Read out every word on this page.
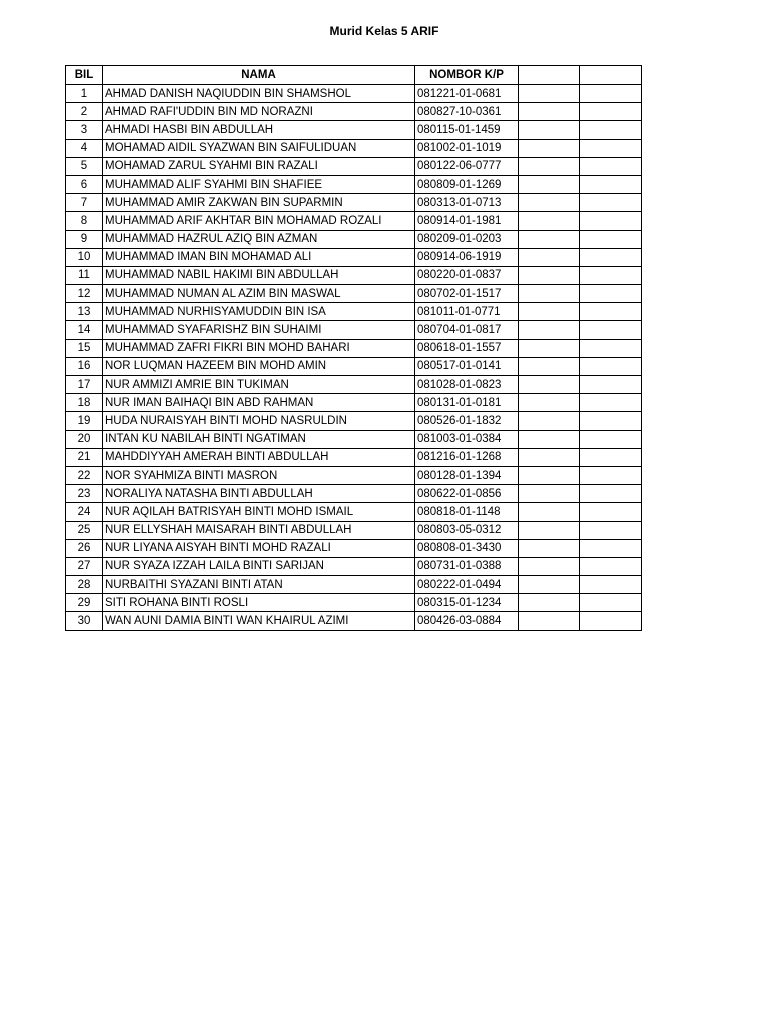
Murid Kelas 5 ARIF
BIL	NAMA	NOMBOR K/P		
1	AHMAD DANISH NAQIUDDIN BIN SHAMSHOL	081221-01-0681		
2	AHMAD RAFI'UDDIN BIN MD NORAZNI	080827-10-0361		
3	AHMADI HASBI BIN ABDULLAH	080115-01-1459		
4	MOHAMAD AIDIL SYAZWAN BIN SAIFULIDUAN	081002-01-1019		
5	MOHAMAD ZARUL SYAHMI BIN RAZALI	080122-06-0777		
6	MUHAMMAD ALIF SYAHMI BIN SHAFIEE	080809-01-1269		
7	MUHAMMAD AMIR ZAKWAN BIN SUPARMIN	080313-01-0713		
8	MUHAMMAD ARIF AKHTAR BIN MOHAMAD ROZALI	080914-01-1981		
9	MUHAMMAD HAZRUL AZIQ BIN AZMAN	080209-01-0203		
10	MUHAMMAD IMAN BIN MOHAMAD ALI	080914-06-1919		
11	MUHAMMAD NABIL HAKIMI BIN ABDULLAH	080220-01-0837		
12	MUHAMMAD NUMAN AL AZIM BIN MASWAL	080702-01-1517		
13	MUHAMMAD NURHISYAMUDDIN BIN ISA	081011-01-0771		
14	MUHAMMAD SYAFARISHZ BIN SUHAIMI	080704-01-0817		
15	MUHAMMAD ZAFRI FIKRI BIN MOHD BAHARI	080618-01-1557		
16	NOR LUQMAN HAZEEM BIN MOHD AMIN	080517-01-0141		
17	NUR AMMIZI AMRIE BIN TUKIMAN	081028-01-0823		
18	NUR IMAN BAIHAQI BIN ABD RAHMAN	080131-01-0181		
19	HUDA NURAISYAH BINTI MOHD NASRULDIN	080526-01-1832		
20	INTAN KU NABILAH BINTI NGATIMAN	081003-01-0384		
21	MAHDDIYYAH AMERAH BINTI ABDULLAH	081216-01-1268		
22	NOR SYAHMIZA BINTI MASRON	080128-01-1394		
23	NORALIYA NATASHA BINTI ABDULLAH	080622-01-0856		
24	NUR AQILAH BATRISYAH BINTI MOHD ISMAIL	080818-01-1148		
25	NUR ELLYSHAH MAISARAH BINTI ABDULLAH	080803-05-0312		
26	NUR LIYANA AISYAH BINTI MOHD RAZALI	080808-01-3430		
27	NUR SYAZA IZZAH LAILA BINTI SARIJAN	080731-01-0388		
28	NURBAITHI SYAZANI BINTI ATAN	080222-01-0494		
29	SITI ROHANA BINTI ROSLI	080315-01-1234		
30	WAN AUNI DAMIA BINTI WAN KHAIRUL AZIMI	080426-03-0884		
